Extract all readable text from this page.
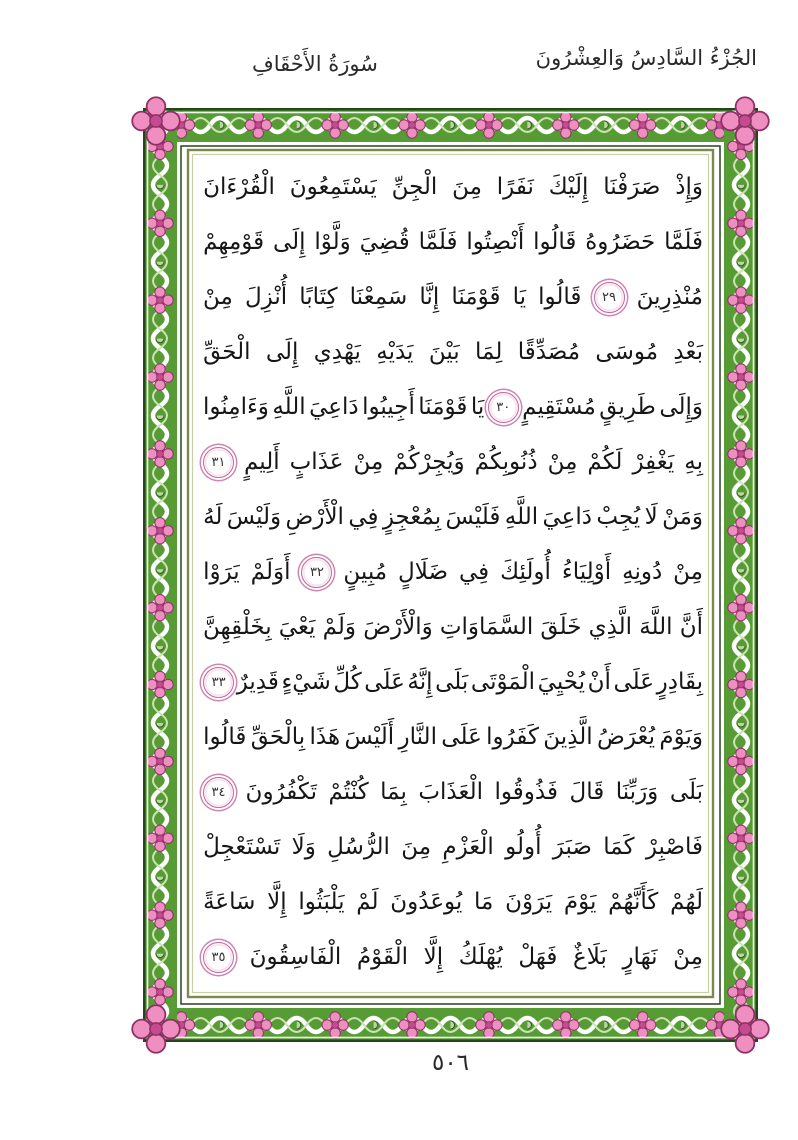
سُورَةُ الأَحْقَافِ	الجُزْءُ السَّادِسُ وَالعِشْرُونَ
وَإِذْ
صَرَفْنَا
إِلَيْكَ
نَفَرًا
مِنَ
الْجِنِّ
يَسْتَمِعُونَ
الْقُرْءَانَ
فَلَمَّا
حَضَرُوهُ
قَالُوا
أَنْصِتُوا
فَلَمَّا
قُضِيَ
وَلَّوْا
إِلَى
قَوْمِهِمْ
مُنْذِرِينَ
٢٩
قَالُوا
يَا
قَوْمَنَا
إِنَّا
سَمِعْنَا
كِتَابًا
أُنْزِلَ
مِنْ
بَعْدِ
مُوسَى
مُصَدِّقًا
لِمَا
بَيْنَ
يَدَيْهِ
يَهْدِي
إِلَى
الْحَقِّ
وَإِلَى
طَرِيقٍ
مُسْتَقِيمٍ
٣٠
يَا
قَوْمَنَا
أَجِيبُوا
دَاعِيَ
اللَّهِ
وَءَامِنُوا
بِهِ
يَغْفِرْ
لَكُمْ
مِنْ
ذُنُوبِكُمْ
وَيُجِرْكُمْ
مِنْ
عَذَابٍ
أَلِيمٍ
٣١
وَمَنْ
لَا
يُجِبْ
دَاعِيَ
اللَّهِ
فَلَيْسَ
بِمُعْجِزٍ
فِي
الْأَرْضِ
وَلَيْسَ
لَهُ
مِنْ
دُونِهِ
أَوْلِيَاءُ
أُولَئِكَ
فِي
ضَلَالٍ
مُبِينٍ
٣٢
أَوَلَمْ
يَرَوْا
أَنَّ
اللَّهَ
الَّذِي
خَلَقَ
السَّمَاوَاتِ
وَالْأَرْضَ
وَلَمْ
يَعْيَ
بِخَلْقِهِنَّ
بِقَادِرٍ
عَلَى
أَنْ
يُحْيِيَ
الْمَوْتَى
بَلَى
إِنَّهُ
عَلَى
كُلِّ
شَيْءٍ
قَدِيرٌ
٣٣
وَيَوْمَ
يُعْرَضُ
الَّذِينَ
كَفَرُوا
عَلَى
النَّارِ
أَلَيْسَ
هَذَا
بِالْحَقِّ
قَالُوا
بَلَى
وَرَبِّنَا
قَالَ
فَذُوقُوا
الْعَذَابَ
بِمَا
كُنْتُمْ
تَكْفُرُونَ
٣٤
فَاصْبِرْ
كَمَا
صَبَرَ
أُولُو
الْعَزْمِ
مِنَ
الرُّسُلِ
وَلَا
تَسْتَعْجِلْ
لَهُمْ
كَأَنَّهُمْ
يَوْمَ
يَرَوْنَ
مَا
يُوعَدُونَ
لَمْ
يَلْبَثُوا
إِلَّا
سَاعَةً
مِنْ
نَهَارٍ
بَلَاغٌ
فَهَلْ
يُهْلَكُ
إِلَّا
الْقَوْمُ
الْفَاسِقُونَ
٣٥
٥٠٦
